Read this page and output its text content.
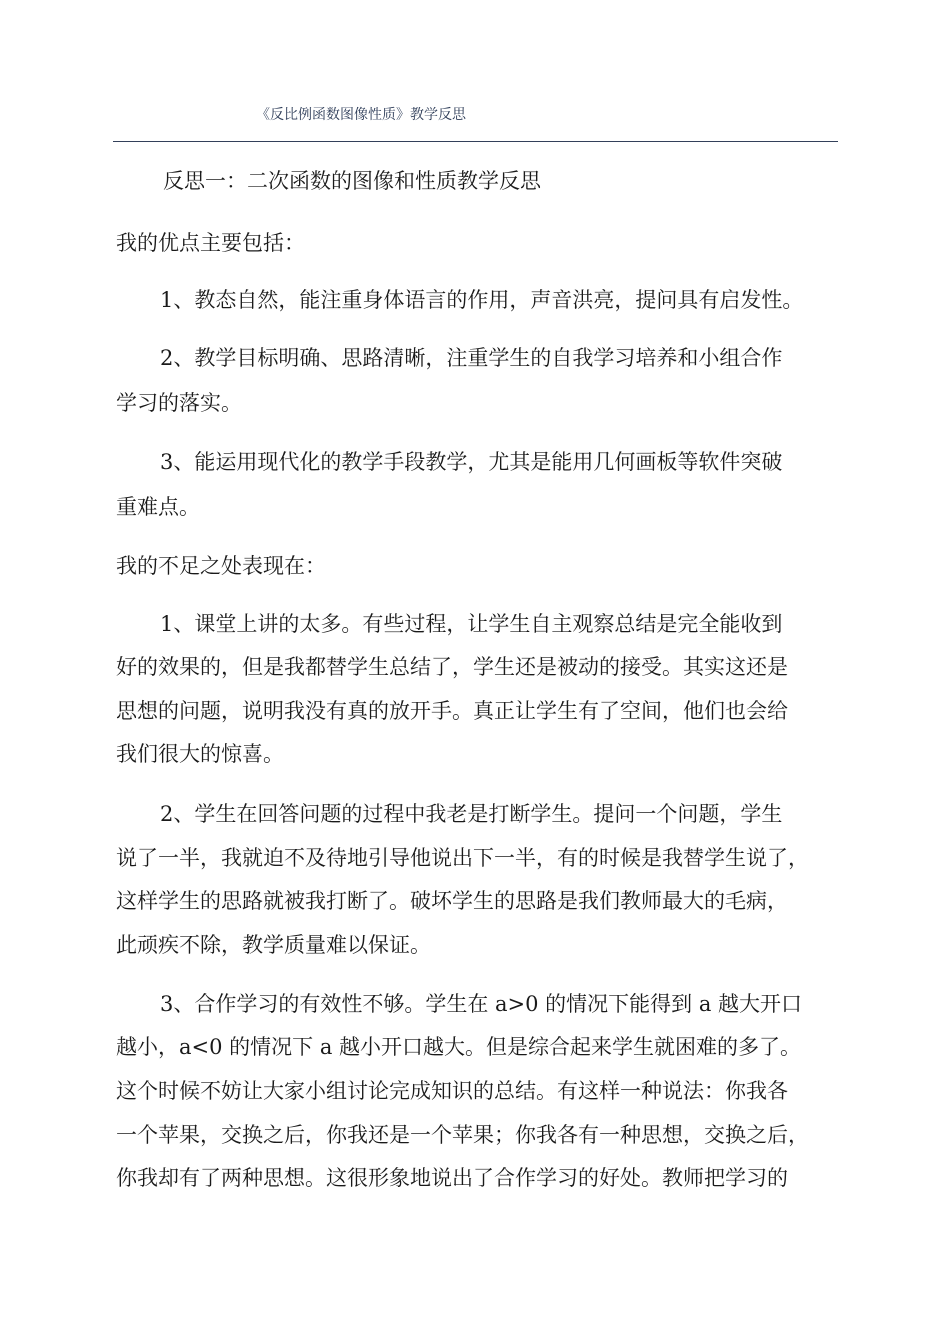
《反比例函数图像性质》教学反思
反思一：二次函数的图像和性质教学反思
我的优点主要包括：
1、教态自然，能注重身体语言的作用，声音洪亮，提问具有启发性。
2、教学目标明确、思路清晰，注重学生的自我学习培养和小组合作
学习的落实。
3、能运用现代化的教学手段教学，尤其是能用几何画板等软件突破
重难点。
我的不足之处表现在：
1、课堂上讲的太多。有些过程，让学生自主观察总结是完全能收到
好的效果的，但是我都替学生总结了，学生还是被动的接受。其实这还是
思想的问题，说明我没有真的放开手。真正让学生有了空间，他们也会给
我们很大的惊喜。
2、学生在回答问题的过程中我老是打断学生。提问一个问题，学生
说了一半，我就迫不及待地引导他说出下一半，有的时候是我替学生说了，
这样学生的思路就被我打断了。破坏学生的思路是我们教师最大的毛病，
此顽疾不除，教学质量难以保证。
3、合作学习的有效性不够。学生在 a>0 的情况下能得到 a 越大开口
越小，a<0 的情况下 a 越小开口越大。但是综合起来学生就困难的多了。
这个时候不妨让大家小组讨论完成知识的总结。有这样一种说法：你我各
一个苹果，交换之后，你我还是一个苹果；你我各有一种思想，交换之后，
你我却有了两种思想。这很形象地说出了合作学习的好处。教师把学习的
